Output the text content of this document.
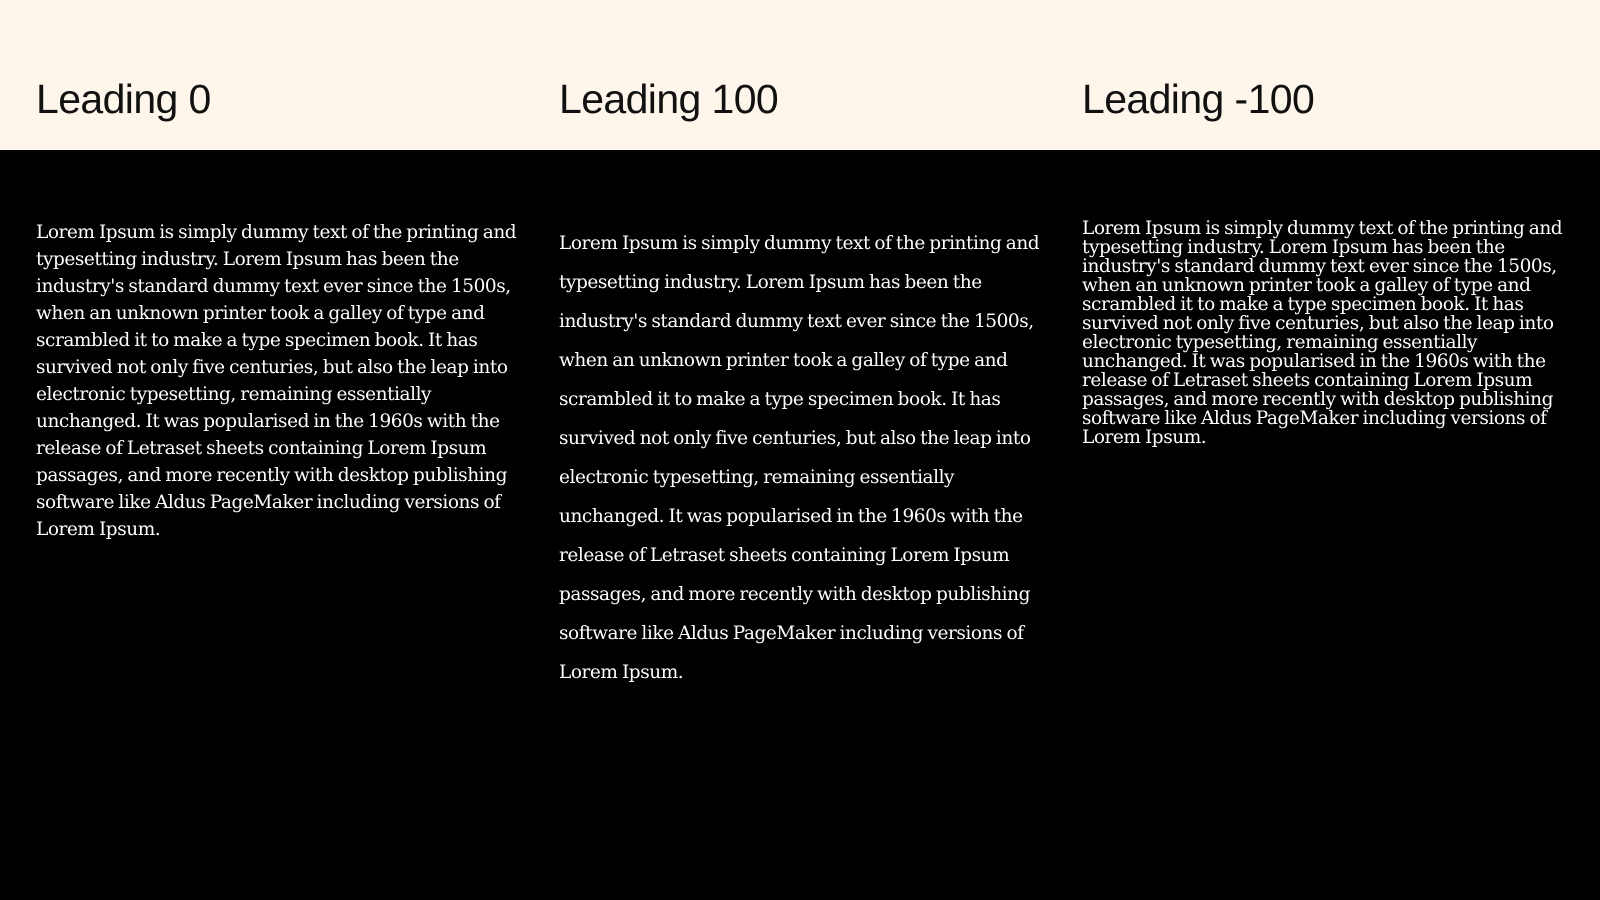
Leading 0	Leading 100	Leading -100

Lorem Ipsum is simply dummy text of the printing and typesetting industry. Lorem Ipsum has been the industry's standard dummy text ever since the 1500s, when an unknown printer took a galley of type and scrambled it to make a type specimen book. It has survived not only five centuries, but also the leap into electronic typesetting, remaining essentially unchanged. It was popularised in the 1960s with the release of Letraset sheets containing Lorem Ipsum passages, and more recently with desktop publishing software like Aldus PageMaker including versions of Lorem Ipsum.

Lorem Ipsum is simply dummy text of the printing and typesetting industry. Lorem Ipsum has been the industry's standard dummy text ever since the 1500s, when an unknown printer took a galley of type and scrambled it to make a type specimen book. It has survived not only five centuries, but also the leap into electronic typesetting, remaining essentially unchanged. It was popularised in the 1960s with the release of Letraset sheets containing Lorem Ipsum passages, and more recently with desktop publishing software like Aldus PageMaker including versions of Lorem Ipsum.

Lorem Ipsum is simply dummy text of the printing and typesetting industry. Lorem Ipsum has been the industry's standard dummy text ever since the 1500s, when an unknown printer took a galley of type and scrambled it to make a type specimen book. It has survived not only five centuries, but also the leap into electronic typesetting, remaining essentially unchanged. It was popularised in the 1960s with the release of Letraset sheets containing Lorem Ipsum passages, and more recently with desktop publishing software like Aldus PageMaker including versions of Lorem Ipsum.
